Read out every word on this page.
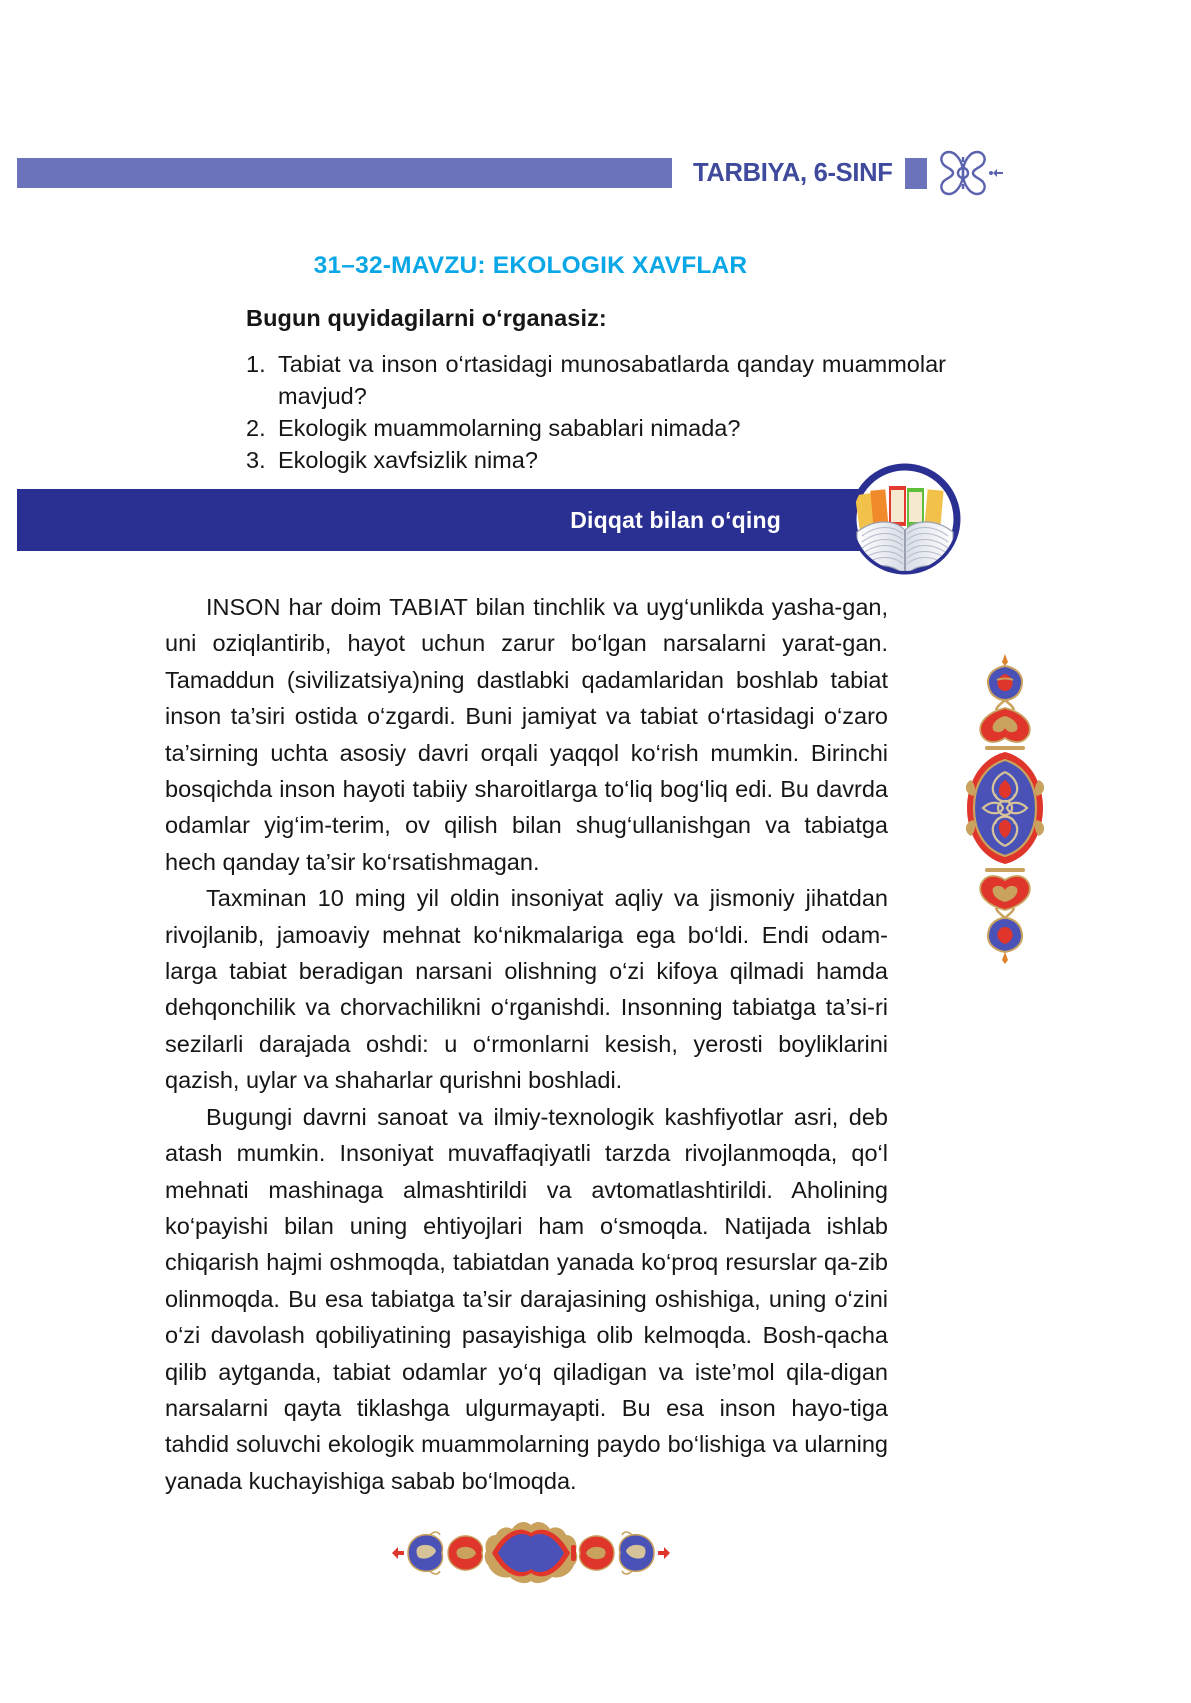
TARBIYA, 6-SINF
31–32-MAVZU: EKOLOGIK XAVFLAR
Bugun quyidagilarni o‘rganasiz:
1. Tabiat va inson o‘rtasidagi munosabatlarda qanday muammolar mavjud?
2. Ekologik muammolarning sabablari nimada?
3. Ekologik xavfsizlik nima?
Diqqat bilan o‘qing

INSON har doim TABIAT bilan tinchlik va uyg‘unlikda yasha-gan, uni oziqlantirib, hayot uchun zarur bo‘lgan narsalarni yarat-gan. Tamaddun (sivilizatsiya)ning dastlabki qadamlaridan boshlab tabiat inson ta’siri ostida o‘zgardi. Buni jamiyat va tabiat o‘rtasidagi o‘zaro ta’sirning uchta asosiy davri orqali yaqqol ko‘rish mumkin. Birinchi bosqichda inson hayoti tabiiy sharoitlarga to‘liq bog‘liq edi. Bu davrda odamlar yig‘im-terim, ov qilish bilan shug‘ullanishgan va tabiatga hech qanday ta’sir ko‘rsatishmagan.

Taxminan 10 ming yil oldin insoniyat aqliy va jismoniy jihatdan rivojlanib, jamoaviy mehnat ko‘nikmalariga ega bo‘ldi. Endi odam-larga tabiat beradigan narsani olishning o‘zi kifoya qilmadi hamda dehqonchilik va chorvachilikni o‘rganishdi. Insonning tabiatga ta’si-ri sezilarli darajada oshdi: u o‘rmonlarni kesish, yerosti boyliklarini qazish, uylar va shaharlar qurishni boshladi.

Bugungi davrni sanoat va ilmiy-texnologik kashfiyotlar asri, deb atash mumkin. Insoniyat muvaffaqiyatli tarzda rivojlanmoqda, qo‘l mehnati mashinaga almashtirildi va avtomatlashtirildi. Aholining ko‘payishi bilan uning ehtiyojlari ham o‘smoqda. Natijada ishlab chiqarish hajmi oshmoqda, tabiatdan yanada ko‘proq resurslar qa-zib olinmoqda. Bu esa tabiatga ta’sir darajasining oshishiga, uning o‘zini o‘zi davolash qobiliyatining pasayishiga olib kelmoqda. Bosh-qacha qilib aytganda, tabiat odamlar yo‘q qiladigan va iste’mol qila-digan narsalarni qayta tiklashga ulgurmayapti. Bu esa inson hayo-tiga tahdid soluvchi ekologik muammolarning paydo bo‘lishiga va ularning yanada kuchayishiga sabab bo‘lmoqda.

103
